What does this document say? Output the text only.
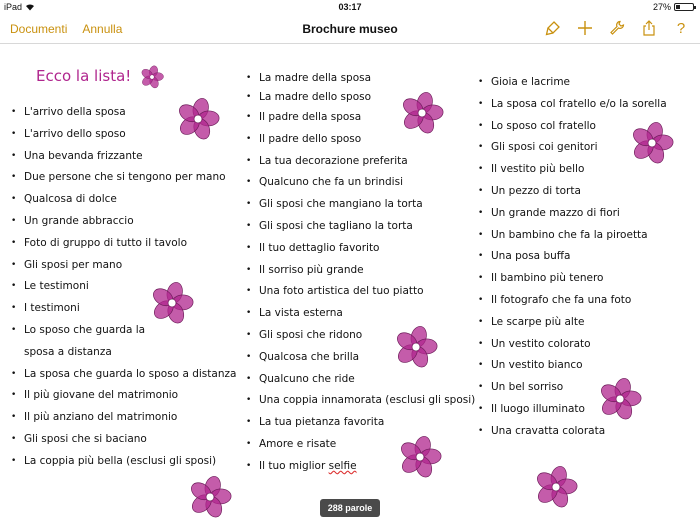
iPad	03:17	27%
Documenti Annulla	Brochure museo	?
Ecco la lista!
• L'arrivo della sposa
• L'arrivo dello sposo
• Una bevanda frizzante
• Due persone che si tengono per mano
• Qualcosa di dolce
• Un grande abbraccio
• Foto di gruppo di tutto il tavolo
• Gli sposi per mano
• Le testimoni
• I testimoni
• Lo sposo che guarda la
sposa a distanza
• La sposa che guarda lo sposo a distanza
• Il più giovane del matrimonio
• Il più anziano del matrimonio
• Gli sposi che si baciano
• La coppia più bella (esclusi gli sposi)
• La madre della sposa
• La madre dello sposo
• Il padre della sposa
• Il padre dello sposo
• La tua decorazione preferita
• Qualcuno che fa un brindisi
• Gli sposi che mangiano la torta
• Gli sposi che tagliano la torta
• Il tuo dettaglio favorito
• Il sorriso più grande
• Una foto artistica del tuo piatto
• La vista esterna
• Gli sposi che ridono
• Qualcosa che brilla
• Qualcuno che ride
• Una coppia innamorata (esclusi gli sposi)
• La tua pietanza favorita
• Amore e risate
• Il tuo miglior selfie
• Gioia e lacrime
• La sposa col fratello e/o la sorella
• Lo sposo col fratello
• Gli sposi coi genitori
• Il vestito più bello
• Un pezzo di torta
• Un grande mazzo di fiori
• Un bambino che fa la piroetta
• Una posa buffa
• Il bambino più tenero
• Il fotografo che fa una foto
• Le scarpe più alte
• Un vestito colorato
• Un vestito bianco
• Un bel sorriso
• Il luogo illuminato
• Una cravatta colorata
288 parole
